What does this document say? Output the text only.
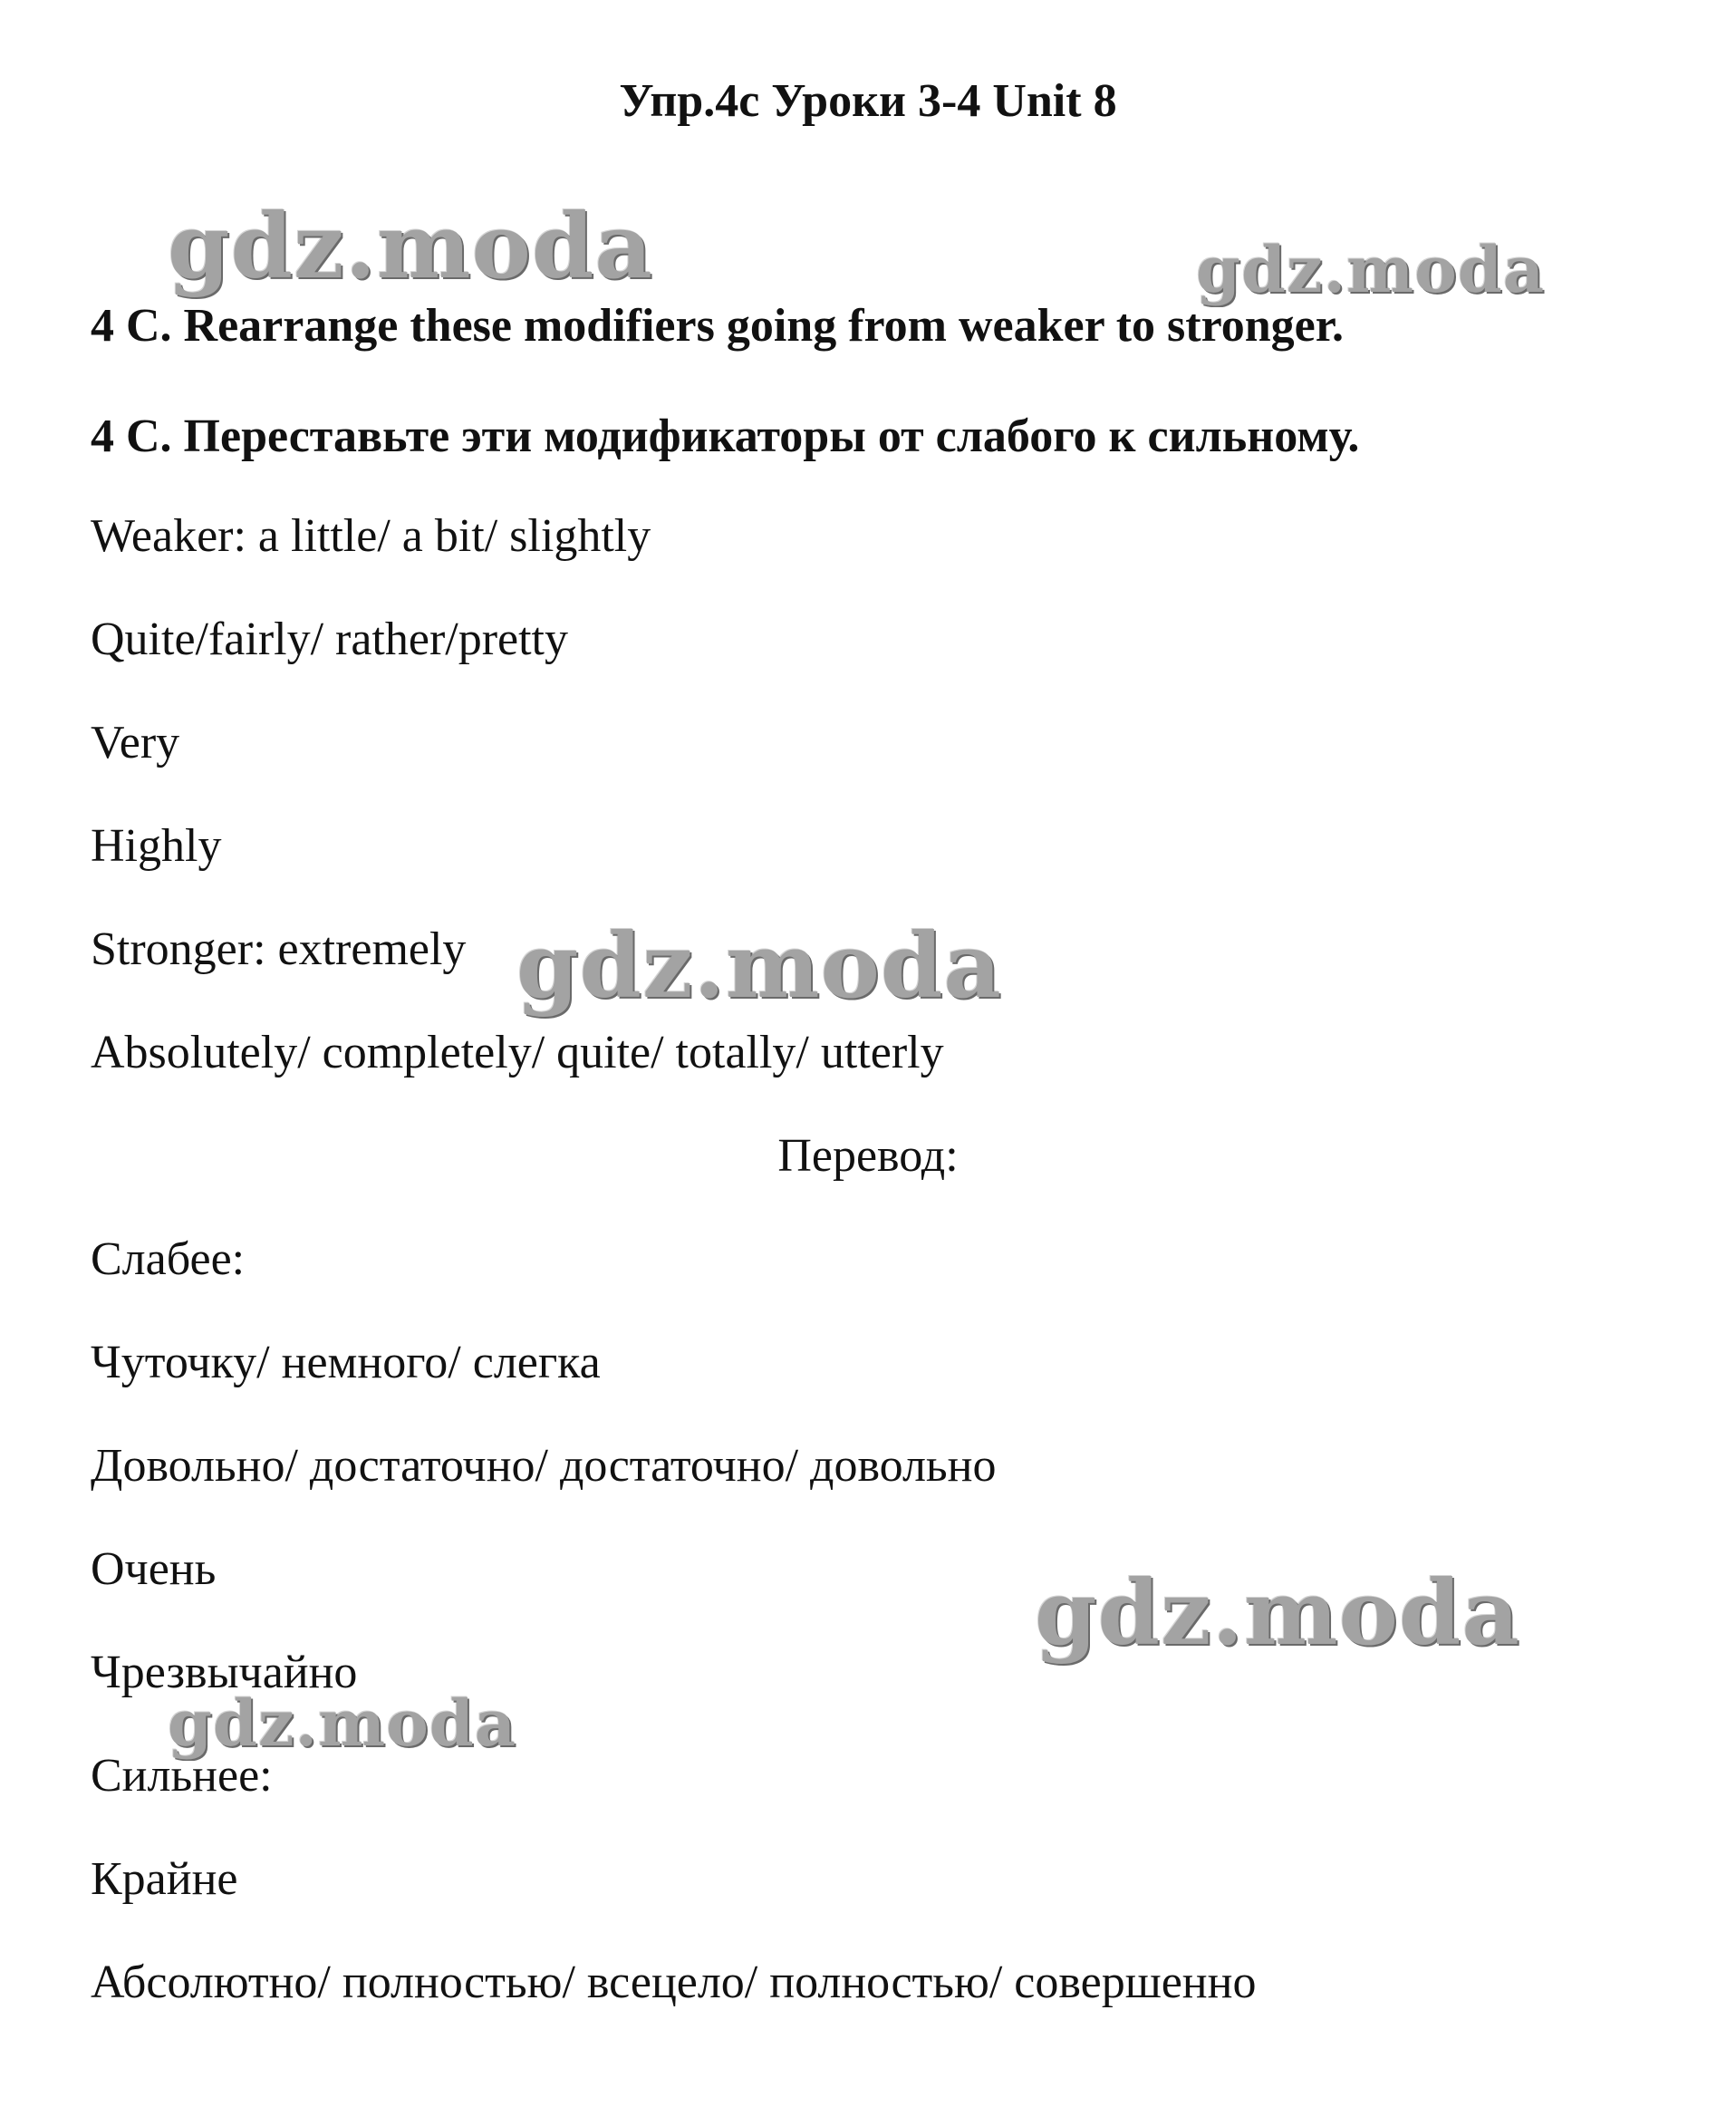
Упр.4с Уроки 3-4 Unit 8
gdz.moda	gdz.moda

4 C. Rearrange these modifiers going from weaker to stronger.

4 C. Переставьте эти модификаторы от слабого к сильному.

Weaker: a little/ a bit/ slightly

Quite/fairly/ rather/pretty

Very

Highly

Stronger: extremely gdz.moda

Absolutely/ completely/ quite/ totally/ utterly

Перевод:

Слабее:

Чуточку/ немного/ слегка

Довольно/ достаточно/ достаточно/ довольно

Очень	gdz.moda

Чрезвычайно

gdz.moda

Сильнее:

Крайне

Абсолютно/ полностью/ всецело/ полностью/ совершенно
